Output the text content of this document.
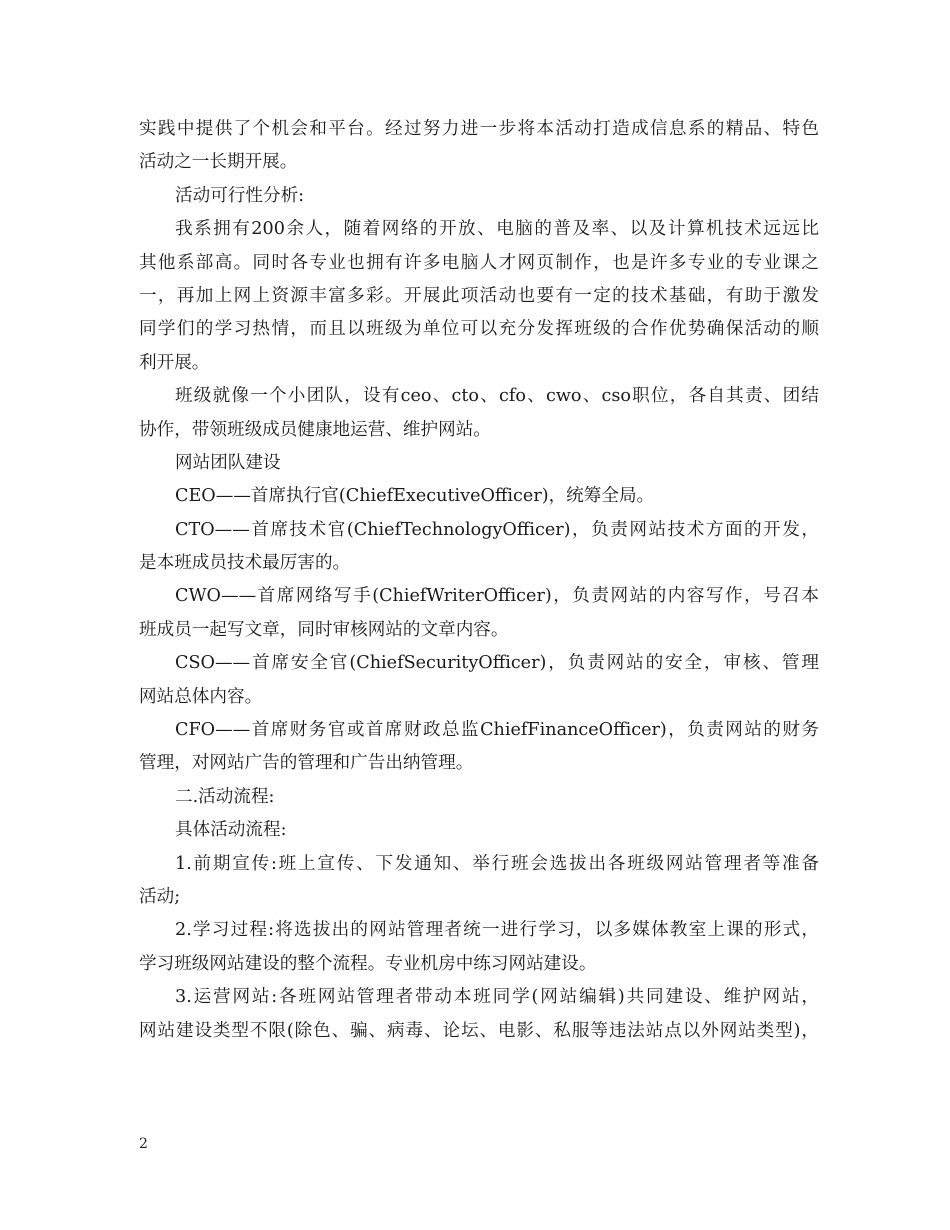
实践中提供了个机会和平台。经过努力进一步将本活动打造成信息系的精品、特色
活动之一长期开展。
活动可行性分析:
我系拥有200余人，随着网络的开放、电脑的普及率、以及计算机技术远远比
其他系部高。同时各专业也拥有许多电脑人才网页制作，也是许多专业的专业课之
一，再加上网上资源丰富多彩。开展此项活动也要有一定的技术基础，有助于激发
同学们的学习热情，而且以班级为单位可以充分发挥班级的合作优势确保活动的顺
利开展。
班级就像一个小团队，设有ceo、cto、cfo、cwo、cso职位，各自其责、团结
协作，带领班级成员健康地运营、维护网站。
网站团队建设
CEO——首席执行官(ChiefExecutiveOfficer)，统筹全局。
CTO——首席技术官(ChiefTechnologyOfficer)，负责网站技术方面的开发，
是本班成员技术最厉害的。
CWO——首席网络写手(ChiefWriterOfficer)，负责网站的内容写作，号召本
班成员一起写文章，同时审核网站的文章内容。
CSO——首席安全官(ChiefSecurityOfficer)，负责网站的安全，审核、管理
网站总体内容。
CFO——首席财务官或首席财政总监ChiefFinanceOfficer)，负责网站的财务
管理，对网站广告的管理和广告出纳管理。
二.活动流程:
具体活动流程:
1.前期宣传:班上宣传、下发通知、举行班会选拔出各班级网站管理者等准备
活动;
2.学习过程:将选拔出的网站管理者统一进行学习，以多媒体教室上课的形式，
学习班级网站建设的整个流程。专业机房中练习网站建设。
3.运营网站:各班网站管理者带动本班同学(网站编辑)共同建设、维护网站，
网站建设类型不限(除色、骗、病毒、论坛、电影、私服等违法站点以外网站类型)，
2
